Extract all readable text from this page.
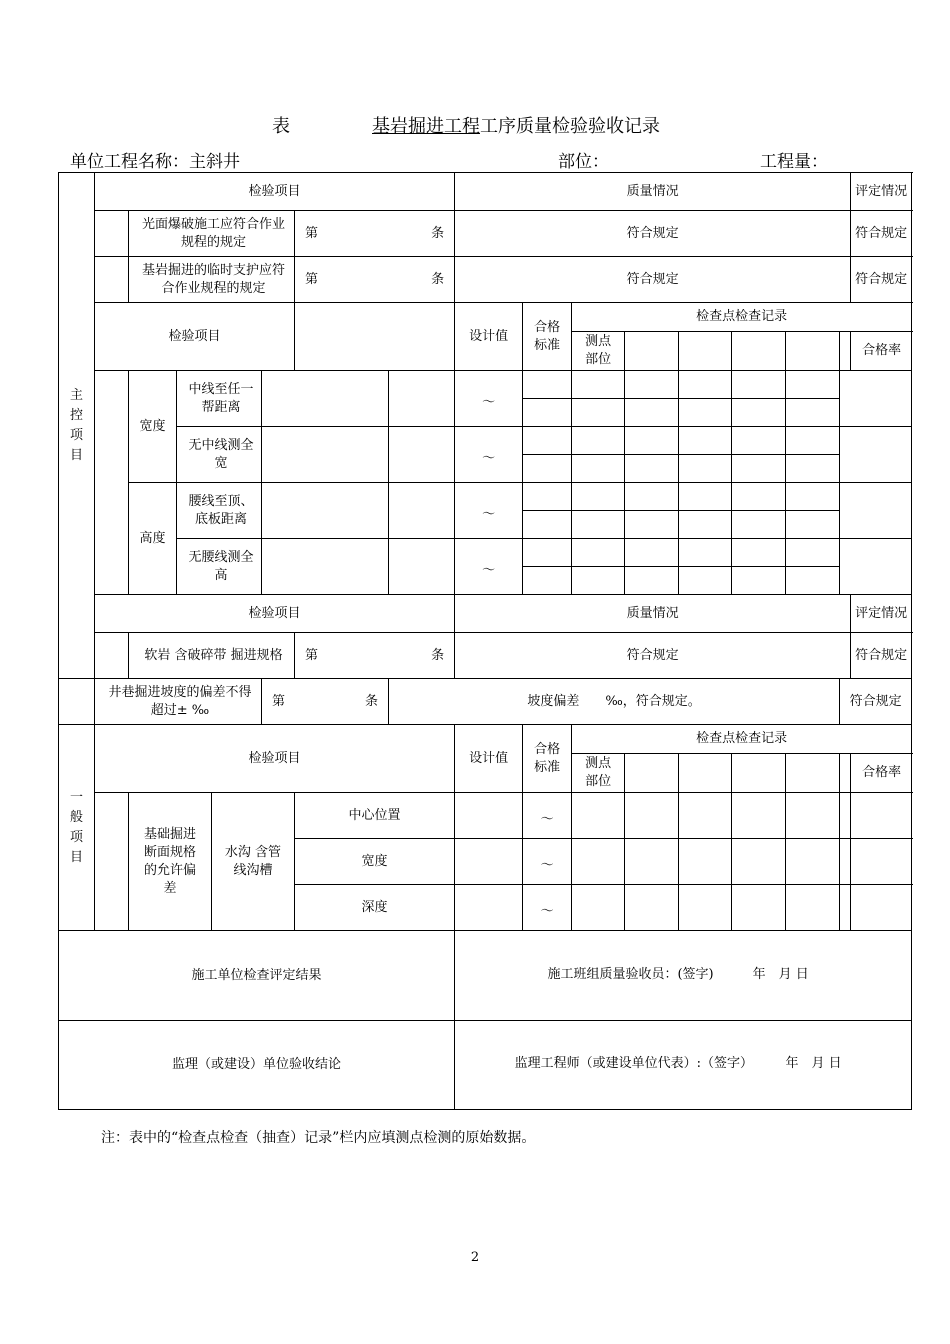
表	基岩掘进工程工序质量检验验收记录
单位工程名称：主斜井	部位：	工程量：
主控项目	检验项目							质量情况								评定情况
		光面爆破施工应符合作业规程的规定				第 条		符合规定								符合规定
		基岩掘进的临时支护应符合作业规程的规定				第 条		符合规定								符合规定
	检验项目							设计值	合格标准	检查点检查记录						
										测点部位						合格率
		宽度	中线至任一帮距离					～								

			无中线测全宽					～								

		高度	腰线至顶、底板距离					～								

			无腰线测全高					～								

	检验项目							质量情况								评定情况
		软岩 含破碎带 掘进规格				第 条		符合规定								符合规定
	井巷掘进坡度的偏差不得超过± ‰				第 条		坡度偏差　　‰，符合规定。								符合规定	
一般项目	检验项目							设计值	合格标准	检查点检查记录						
										测点部位						合格率
		基础掘进断面规格的允许偏差		水沟 含管线沟槽		中心位置			～							
						宽度			～							
						深度			～							
施工单位检查评定结果								施工班组质量验收员：(签字)　　　年　月 日								
监理（或建设）单位验收结论								监理工程师（或建设单位代表）:（签字）　　　年　月 日								
注：表中的“检查点检查（抽查）记录”栏内应填测点检测的原始数据。
2
